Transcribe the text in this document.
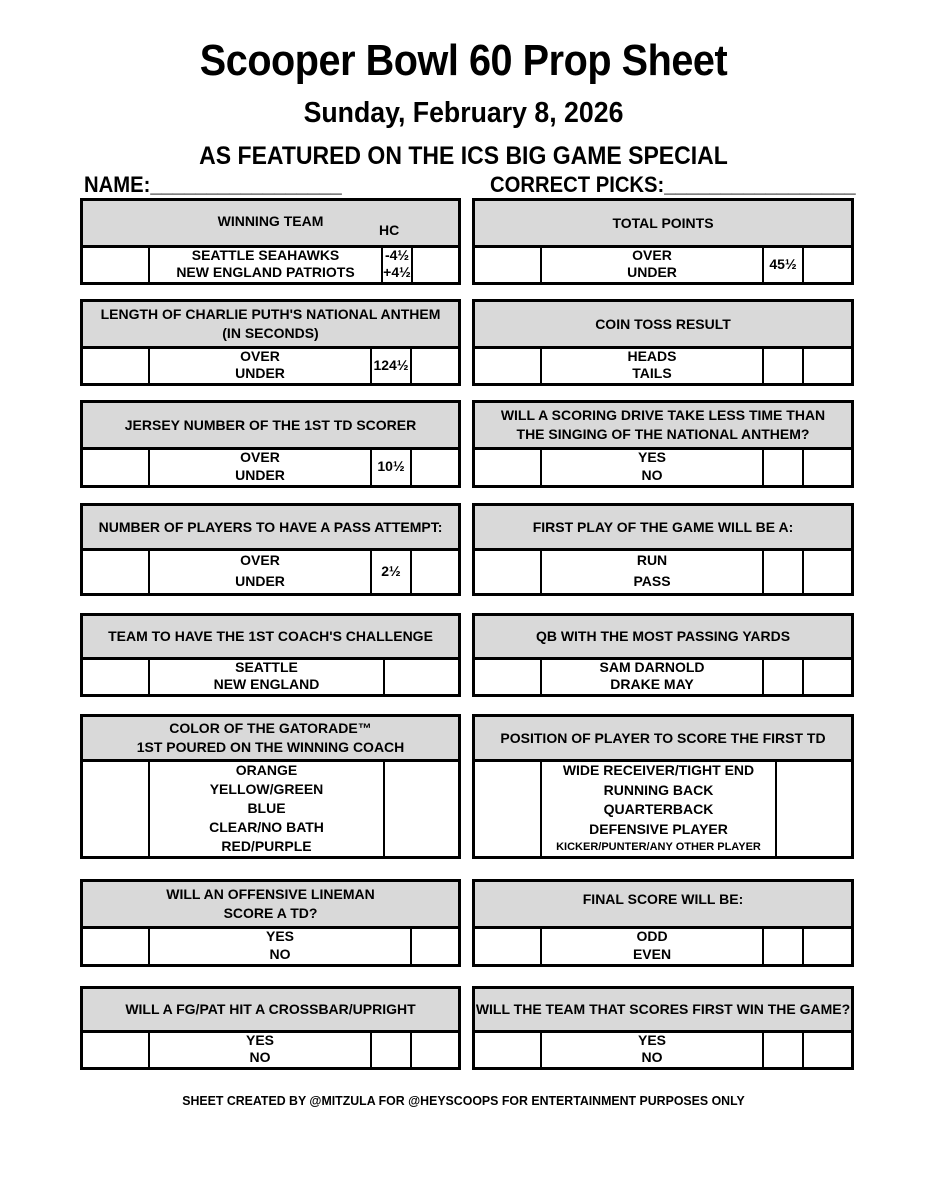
Scooper Bowl 60 Prop Sheet
Sunday, February 8, 2026
AS FEATURED ON THE ICS BIG GAME SPECIAL
NAME:_________________	CORRECT PICKS:_________________
WINNING TEAM
HC
SEATTLE SEAHAWKS
NEW ENGLAND PATRIOTS
-4½
+4½
TOTAL POINTS
OVER
UNDER
45½
LENGTH OF CHARLIE PUTH'S NATIONAL ANTHEM
(IN SECONDS)
OVER
UNDER
124½
COIN TOSS RESULT
HEADS
TAILS
JERSEY NUMBER OF THE 1ST TD SCORER
OVER
UNDER
10½
WILL A SCORING DRIVE TAKE LESS TIME THAN
THE SINGING OF THE NATIONAL ANTHEM?
YES
NO
NUMBER OF PLAYERS TO HAVE A PASS ATTEMPT:
OVER
UNDER
2½
FIRST PLAY OF THE GAME WILL BE A:
RUN
PASS
TEAM TO HAVE THE 1ST COACH'S CHALLENGE
SEATTLE
NEW ENGLAND
QB WITH THE MOST PASSING YARDS
SAM DARNOLD
DRAKE MAY
COLOR OF THE GATORADE™
1ST POURED ON THE WINNING COACH
ORANGE
YELLOW/GREEN
BLUE
CLEAR/NO BATH
RED/PURPLE
POSITION OF PLAYER TO SCORE THE FIRST TD
WIDE RECEIVER/TIGHT END
RUNNING BACK
QUARTERBACK
DEFENSIVE PLAYER
KICKER/PUNTER/ANY OTHER PLAYER
WILL AN OFFENSIVE LINEMAN
SCORE A TD?
YES
NO
FINAL SCORE WILL BE:
ODD
EVEN
WILL A FG/PAT HIT A CROSSBAR/UPRIGHT
YES
NO
WILL THE TEAM THAT SCORES FIRST WIN THE GAME?
YES
NO
SHEET CREATED BY @MITZULA FOR @HEYSCOOPS FOR ENTERTAINMENT PURPOSES ONLY
